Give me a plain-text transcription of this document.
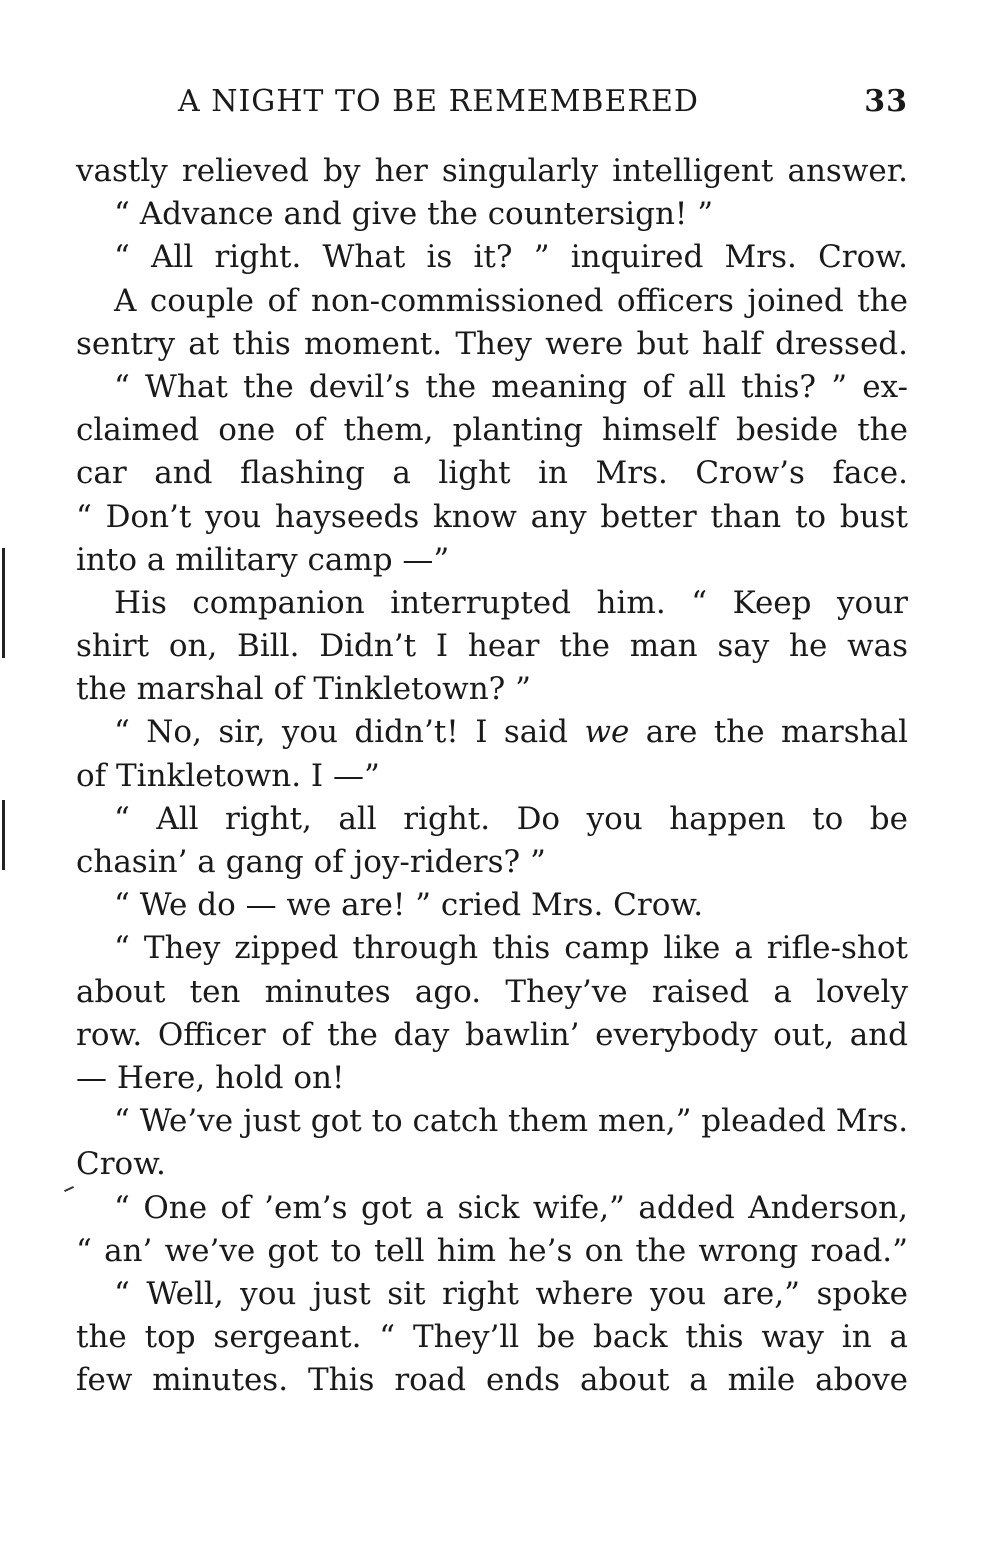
A NIGHT TO BE REMEMBERED	33
vastly relieved by her singularly intelligent answer.
“ Advance and give the countersign! ”
“ All right. What is it? ” inquired Mrs. Crow.
A couple of non-commissioned officers joined the
sentry at this moment. They were but half dressed.
“ What the devil’s the meaning of all this? ” ex-
claimed one of them, planting himself beside the
car and flashing a light in Mrs. Crow’s face.
“ Don’t you hayseeds know any better than to bust
into a military camp —”
His companion interrupted him. “ Keep your
shirt on, Bill. Didn’t I hear the man say he was
the marshal of Tinkletown? ”
“ No, sir, you didn’t! I said we are the marshal
of Tinkletown. I —”
“ All right, all right. Do you happen to be
chasin’ a gang of joy-riders? ”
“ We do — we are! ” cried Mrs. Crow.
“ They zipped through this camp like a rifle-shot
about ten minutes ago. They’ve raised a lovely
row. Officer of the day bawlin’ everybody out, and
— Here, hold on!
“ We’ve just got to catch them men,” pleaded Mrs.
Crow.
“ One of ’em’s got a sick wife,” added Anderson,
“ an’ we’ve got to tell him he’s on the wrong road.”
“ Well, you just sit right where you are,” spoke
the top sergeant. “ They’ll be back this way in a
few minutes. This road ends about a mile above
